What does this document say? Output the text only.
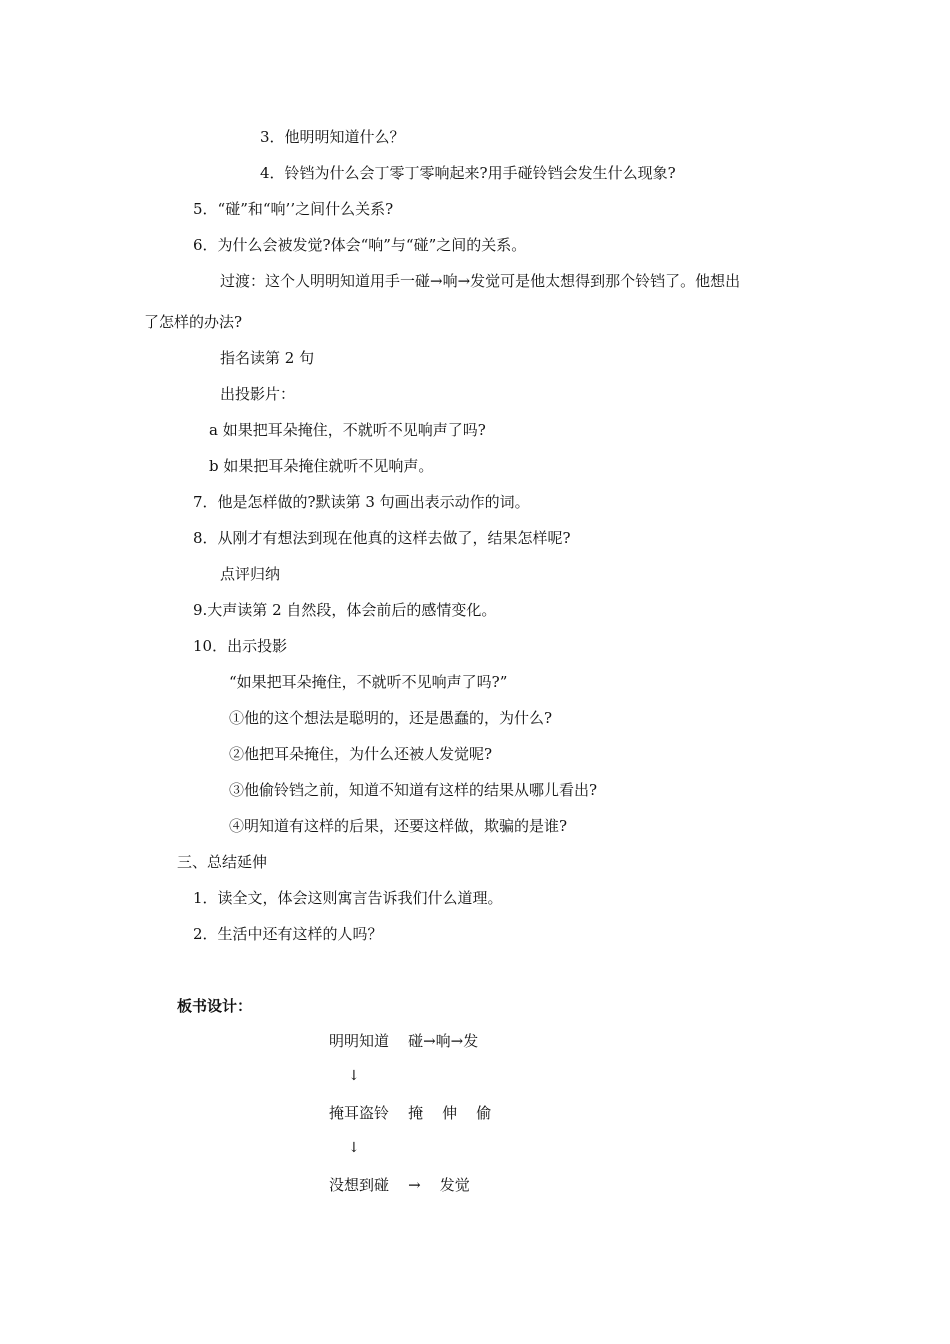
3．他明明知道什么？
4．铃铛为什么会丁零丁零响起来?用手碰铃铛会发生什么现象?
5．“碰”和“响’’之间什么关系?
6．为什么会被发觉?体会“响”与“碰”之间的关系。
过渡：这个人明明知道用手一碰→响→发觉可是他太想得到那个铃铛了。他想出
了怎样的办法?
指名读第 2 句
出投影片：
a 如果把耳朵掩住，不就听不见响声了吗?
b 如果把耳朵掩住就听不见响声。
7．他是怎样做的?默读第 3 句画出表示动作的词。
8．从刚才有想法到现在他真的这样去做了，结果怎样呢?
点评归纳
9.大声读第 2 自然段，体会前后的感情变化。
10．出示投影
“如果把耳朵掩住，不就听不见响声了吗?”
①他的这个想法是聪明的，还是愚蠢的，为什么?
②他把耳朵掩住，为什么还被人发觉呢?
③他偷铃铛之前，知道不知道有这样的结果从哪儿看出?
④明知道有这样的后果，还要这样做，欺骗的是谁?
三、总结延伸
1．读全文，体会这则寓言告诉我们什么道理。
2．生活中还有这样的人吗？
板书设计：
明明知道    碰→响→发
↓
掩耳盗铃    掩    伸    偷
↓
没想到碰    →    发觉
